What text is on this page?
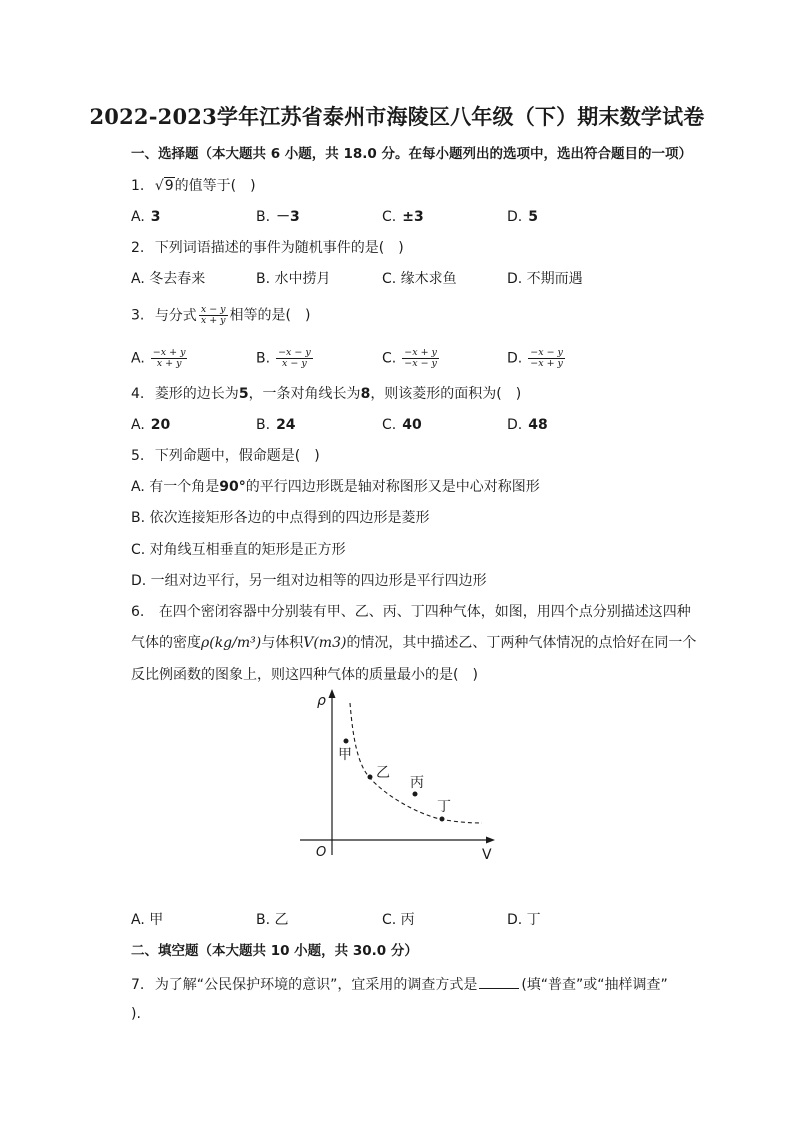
2022-2023学年江苏省泰州市海陵区八年级（下）期末数学试卷
一、选择题（本大题共 6 小题，共 18.0 分。在每小题列出的选项中，选出符合题目的一项）
1. √9的值等于(　)
A. 3	B. －3	C. ±3	D. 5
2. 下列词语描述的事件为随机事件的是(　)
A. 冬去春来	B. 水中捞月	C. 缘木求鱼	D. 不期而遇
3. 与分式 $\frac{x - y}{x + y}$ 相等的是(　)
A. $\frac{-x + y}{x + y}$	B. $\frac{-x - y}{x - y}$	C. $\frac{-x + y}{-x - y}$	D. $\frac{-x - y}{-x + y}$
4. 菱形的边长为5，一条对角线长为8，则该菱形的面积为(　)
A. 20	B. 24	C. 40	D. 48
5. 下列命题中，假命题是(　)
A. 有一个角是90°的平行四边形既是轴对称图形又是中心对称图形
B. 依次连接矩形各边的中点得到的四边形是菱形
C. 对角线互相垂直的矩形是正方形
D. 一组对边平行，另一组对边相等的四边形是平行四边形
6. 在四个密闭容器中分别装有甲、乙、丙、丁四种气体，如图，用四个点分别描述这四种
气体的密度ρ(kg/m³)与体积V(m3)的情况，其中描述乙、丁两种气体情况的点恰好在同一个
反比例函数的图象上，则这四种气体的质量最小的是(　)
ρ
V
O
甲
乙
丙
丁
A. 甲	B. 乙	C. 丙	D. 丁
二、填空题（本大题共 10 小题，共 30.0 分）
7. 为了解“公民保护环境的意识”，宜采用的调查方式是	(填“普查”或“抽样调查”
).
